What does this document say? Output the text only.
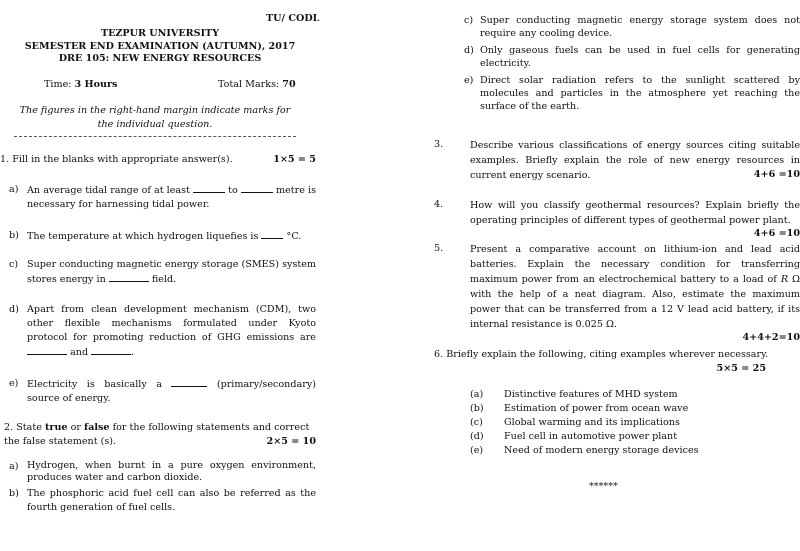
TU/ CODL
TEZPUR UNIVERSITY
SEMESTER END EXAMINATION (AUTUMN), 2017
DRE 105: NEW ENERGY RESOURCES
Time: 3 Hours	Total Marks: 70
The figures in the right-hand margin indicate marks for the individual question.
1. Fill in the blanks with appropriate answer(s).	1×5 = 5
a) An average tidal range of at least	to	metre is necessary for harnessing tidal power.
b) The temperature at which hydrogen liquefies is	°C.
c) Super conducting magnetic energy storage (SMES) system stores energy in	field.
d) Apart from clean development mechanism (CDM), two other flexible mechanisms formulated under Kyoto protocol for promoting reduction of GHG emissions are  and	.
e) Electricity is basically a	(primary/secondary) source of energy.
2. State true or false for the following statements and correct the false statement (s).	2×5 = 10
a) Hydrogen, when burnt in a pure oxygen environment, produces water and carbon dioxide.
b) The phosphoric acid fuel cell can also be referred as the fourth generation of fuel cells.
c) Super conducting magnetic energy storage system does not require any cooling device.
d) Only gaseous fuels can be used in fuel cells for generating electricity.
e) Direct solar radiation refers to the sunlight scattered by molecules and particles in the atmosphere yet reaching the surface of the earth.
3.	Describe various classifications of energy sources citing suitable examples. Briefly explain the role of new energy resources in current energy scenario.	4+6 =10
4.	How will you classify geothermal resources? Explain briefly the operating principles of different types of geothermal power plant.
4+6 =10
5.	Present a comparative account on lithium-ion and lead acid batteries. Explain the necessary condition for transferring maximum power from an electrochemical battery to a load of R Ω with the help of a neat diagram. Also, estimate the maximum power that can be transferred from a 12 V lead acid battery, if its internal resistance is 0.025 Ω.
4+4+2=10
6. Briefly explain the following, citing examples wherever necessary.
5×5 = 25
(a)	Distinctive features of MHD system
(b)	Estimation of power from ocean wave
(c)	Global warming and its implications
(d)	Fuel cell in automotive power plant
(e)	Need of modern energy storage devices
******
